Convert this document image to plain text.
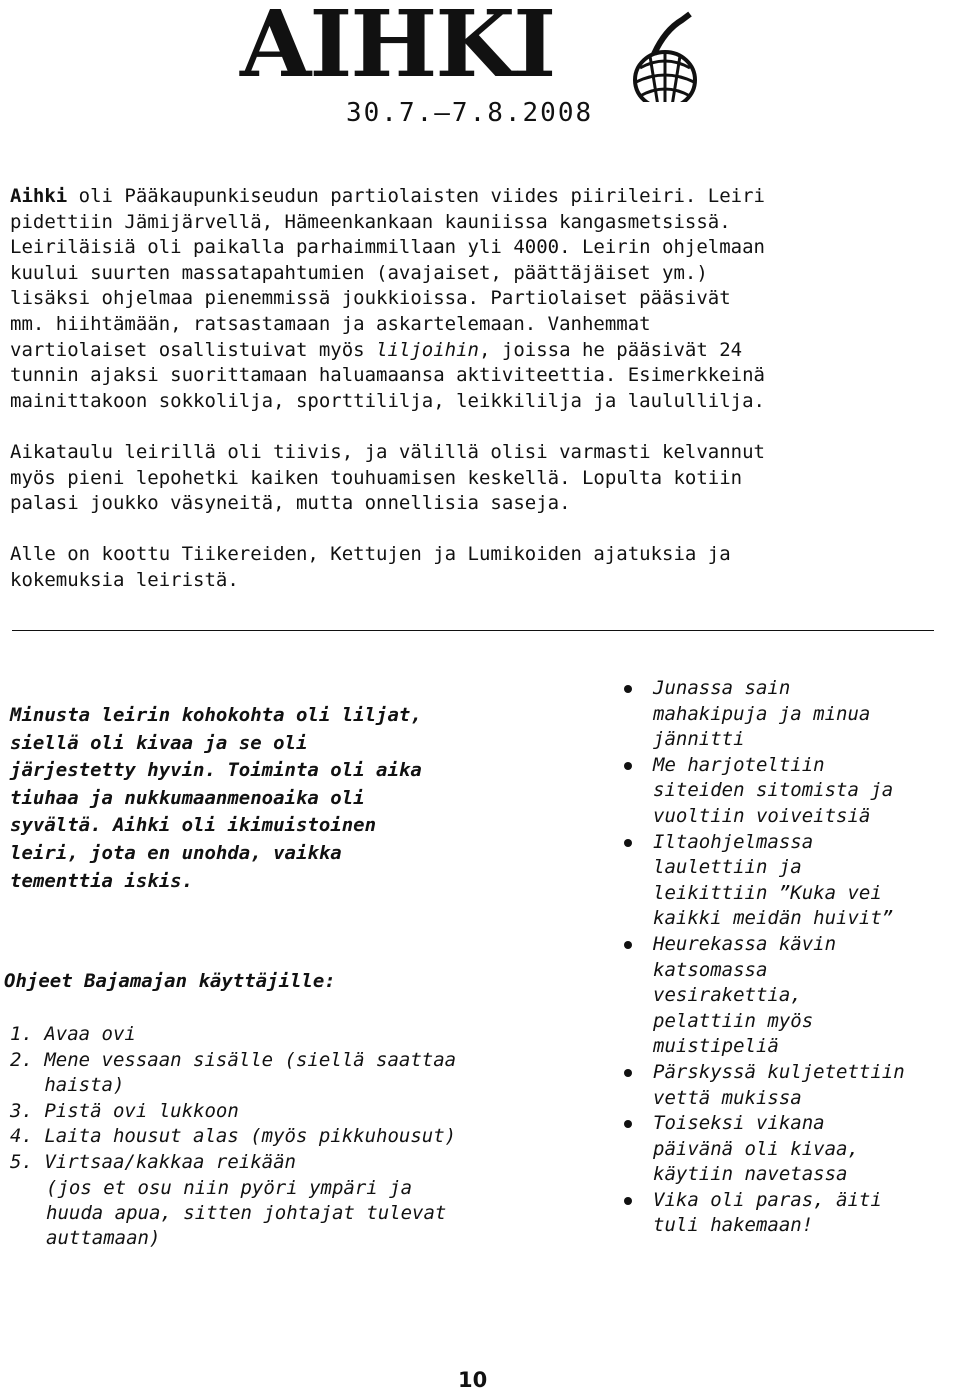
AIHKI
30.7.—7.8.2008

Aihki oli Pääkaupunkiseudun partiolaisten viides piirileiri. Leiri
pidettiin Jämijärvellä, Hämeenkankaan kauniissa kangasmetsissä.
Leiriläisiä oli paikalla parhaimmillaan yli 4000. Leirin ohjelmaan
kuului suurten massatapahtumien (avajaiset, päättäjäiset ym.)
lisäksi ohjelmaa pienemmissä joukkioissa. Partiolaiset pääsivät
mm. hiihtämään, ratsastamaan ja askartelemaan. Vanhemmat
vartiolaiset osallistuivat myös liljoihin, joissa he pääsivät 24
tunnin ajaksi suorittamaan haluamaansa aktiviteettia. Esimerkkeinä
mainittakoon sokkolilja, sporttililja, leikkililja ja laulullilja.

Aikataulu leirillä oli tiivis, ja välillä olisi varmasti kelvannut
myös pieni lepohetki kaiken touhuamisen keskellä. Lopulta kotiin
palasi joukko väsyneitä, mutta onnellisia saseja.

Alle on koottu Tiikereiden, Kettujen ja Lumikoiden ajatuksia ja
kokemuksia leiristä.

Minusta leirin kohokohta oli liljat,
siellä oli kivaa ja se oli
järjestetty hyvin. Toiminta oli aika
tiuhaa ja nukkumaanmenoaika oli
syvältä. Aihki oli ikimuistoinen
leiri, jota en unohda, vaikka
tementtia iskis.

Ohjeet Bajamajan käyttäjille:

1. Avaa ovi
2. Mene vessaan sisälle (siellä saattaa
haista)
3. Pistä ovi lukkoon
4. Laita housut alas (myös pikkuhousut)
5. Virtsaa/kakkaa reikään

(jos et osu niin pyöri ympäri ja
huuda apua, sitten johtajat tulevat
auttamaan)

Junassa sain
mahakipuja ja minua
jännitti
Me harjoteltiin
siteiden sitomista ja
vuoltiin voiveitsiä
Iltaohjelmassa
laulettiin ja
leikittiin ”Kuka vei
kaikki meidän huivit”
Heurekassa kävin
katsomassa
vesirakettia,
pelattiin myös
muistipeliä
Pärskyssä kuljetettiin
vettä mukissa
Toiseksi vikana
päivänä oli kivaa,
käytiin navetassa
Vika oli paras, äiti
tuli hakemaan!
10
